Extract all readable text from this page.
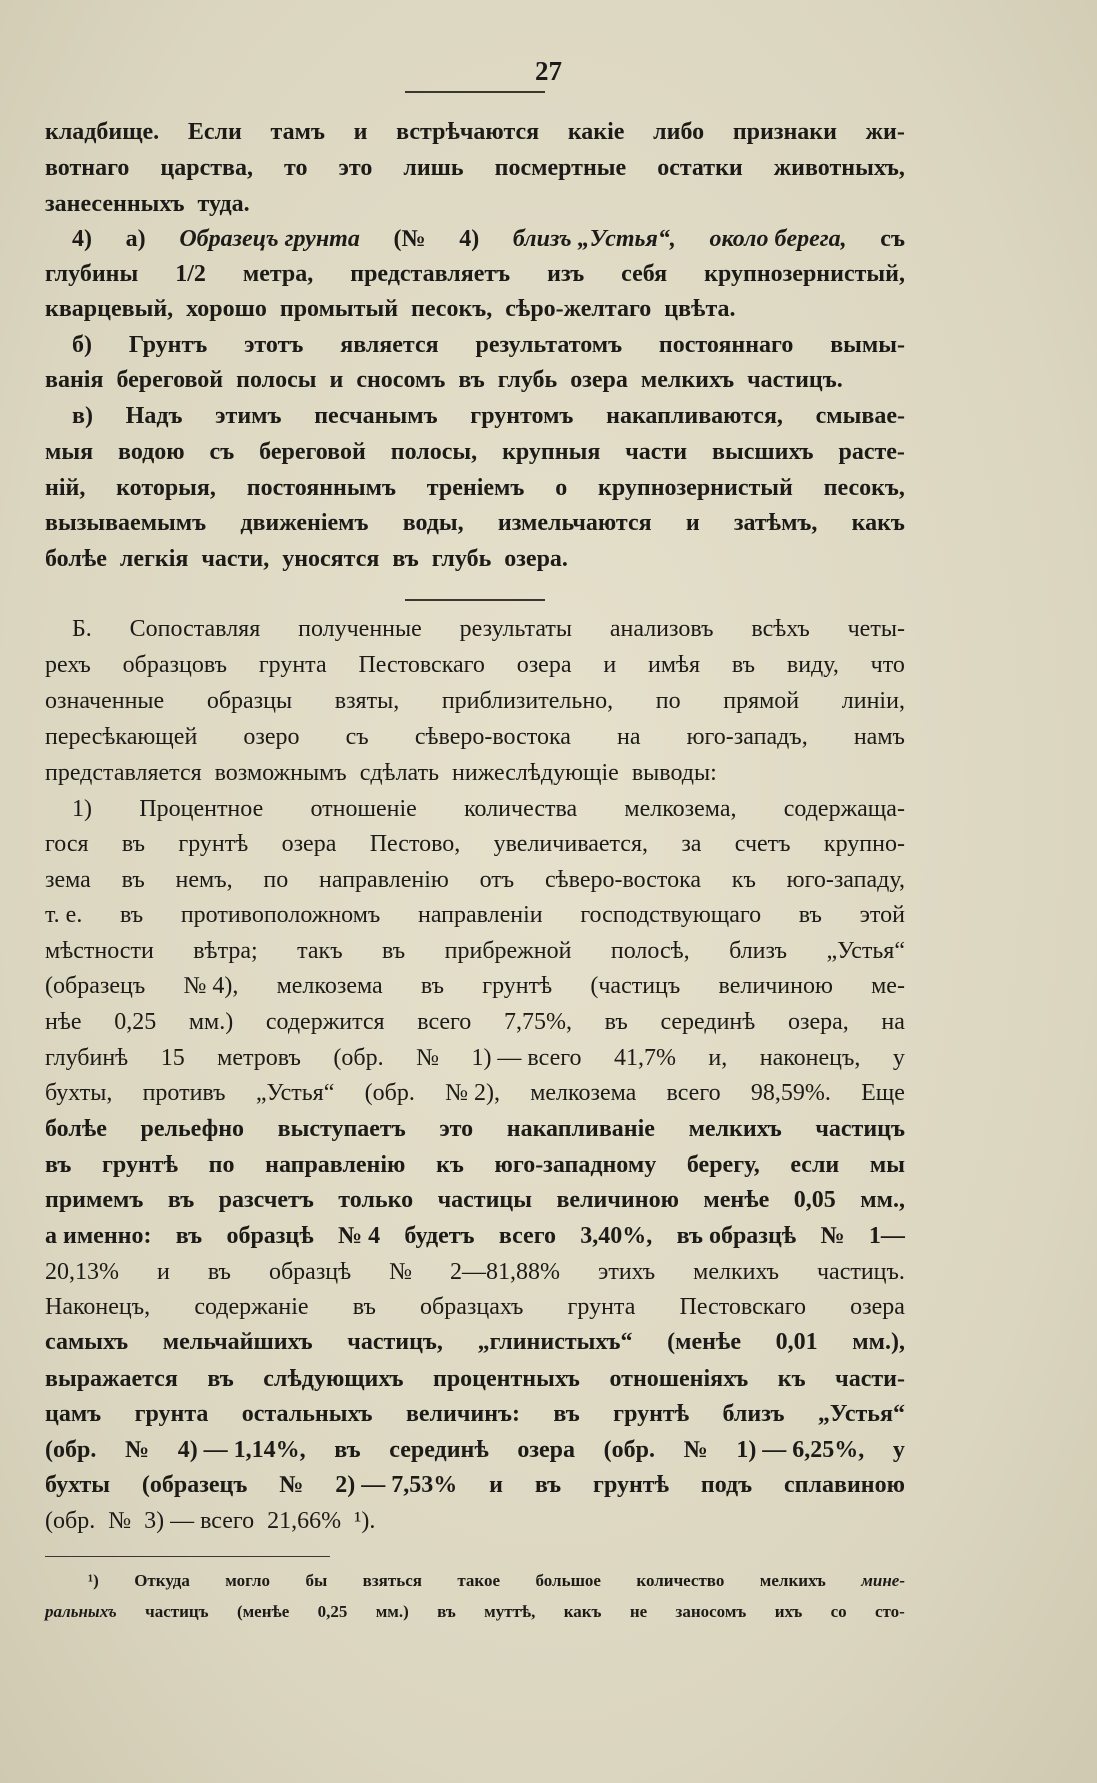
27
кладбище. Если тамъ и встрѣчаются какіе либо признаки жи-
вотнаго царства, то это лишь посмертные остатки животныхъ,
занесенныхъ туда.
4) а) Образецъ грунта (№ 4) близъ „Устья“, около берега, съ
глубины 1/2 метра, представляетъ изъ себя крупнозернистый,
кварцевый, хорошо промытый песокъ, сѣро-желтаго цвѣта.
б) Грунтъ этотъ является результатомъ постояннаго вымы-
ванія береговой полосы и сносомъ въ глубь озера мелкихъ частицъ.
в) Надъ этимъ песчанымъ грунтомъ накапливаются, смывае-
мыя водою съ береговой полосы, крупныя части высшихъ расте-
ній, которыя, постояннымъ треніемъ о крупнозернистый песокъ,
вызываемымъ движеніемъ воды, измельчаются и затѣмъ, какъ
болѣе легкія части, уносятся въ глубь озера.
Б. Сопоставляя полученные результаты анализовъ всѣхъ четы-
рехъ образцовъ грунта Пестовскаго озера и имѣя въ виду, что
означенные образцы взяты, приблизительно, по прямой линіи,
пересѣкающей озеро съ сѣверо-востока на юго-западъ, намъ
представляется возможнымъ сдѣлать нижеслѣдующіе выводы:
1) Процентное отношеніе количества мелкозема, содержаща-
гося въ грунтѣ озера Пестово, увеличивается, за счетъ крупно-
зема въ немъ, по направленію отъ сѣверо-востока къ юго-западу,
т. е. въ противоположномъ направленіи господствующаго въ этой
мѣстности вѣтра; такъ въ прибрежной полосѣ, близъ „Устья“
(образецъ № 4), мелкозема въ грунтѣ (частицъ величиною ме-
нѣе 0,25 мм.) содержится всего 7,75%, въ серединѣ озера, на
глубинѣ 15 метровъ (обр. № 1) — всего 41,7% и, наконецъ, у
бухты, противъ „Устья“ (обр. № 2), мелкозема всего 98,59%. Еще
болѣе рельефно выступаетъ это накапливаніе мелкихъ частицъ
въ грунтѣ по направленію къ юго-западному берегу, если мы
примемъ въ разсчетъ только частицы величиною менѣе 0,05 мм.,
а именно: въ образцѣ № 4 будетъ всего 3,40%, въ образцѣ № 1—
20,13% и въ образцѣ № 2—81,88% этихъ мелкихъ частицъ.
Наконецъ, содержаніе въ образцахъ грунта Пестовскаго озера
самыхъ мельчайшихъ частицъ, „глинистыхъ“ (менѣе 0,01 мм.),
выражается въ слѣдующихъ процентныхъ отношеніяхъ къ части-
цамъ грунта остальныхъ величинъ: въ грунтѣ близъ „Устья“
(обр. № 4) — 1,14%, въ серединѣ озера (обр. № 1) — 6,25%, у
бухты (образецъ № 2) — 7,53% и въ грунтѣ подъ сплавиною
(обр. № 3) — всего 21,66% ¹).
¹) Откуда могло бы взяться такое большое количество мелкихъ мине-
ральныхъ частицъ (менѣе 0,25 мм.) въ муттѣ, какъ не заносомъ ихъ со сто-
